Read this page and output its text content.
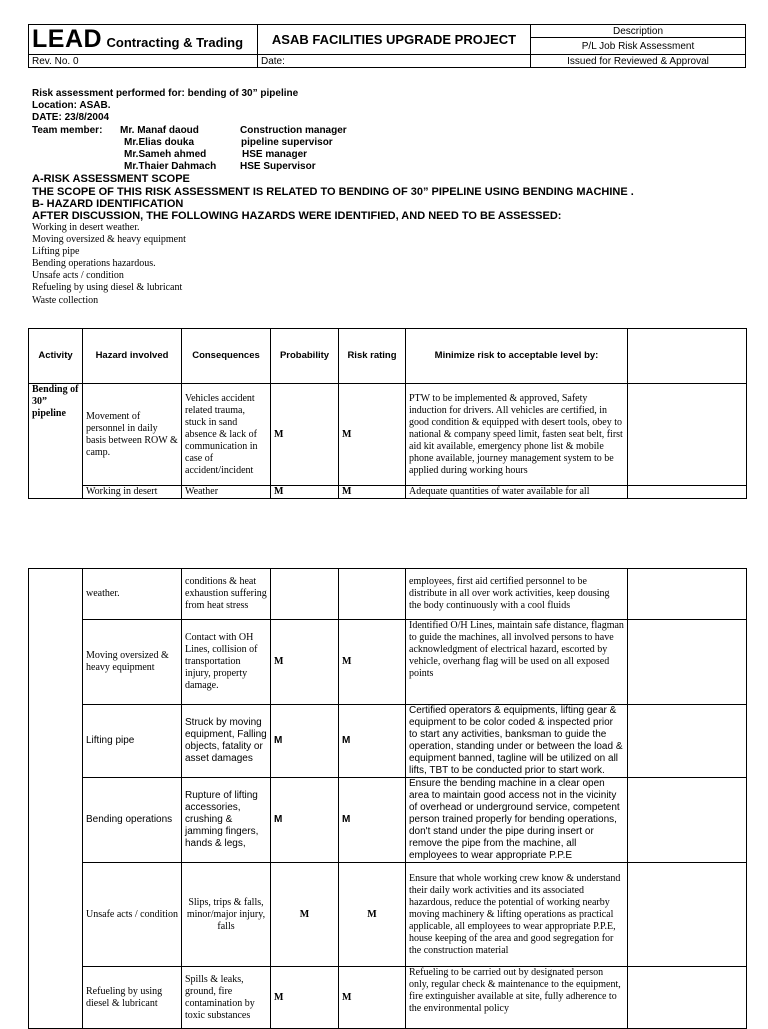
LEAD Contracting & Trading	ASAB FACILITIES UPGRADE PROJECT	Description
		P/L Job Risk Assessment
Rev. No. 0	Date:	Issued for Reviewed & Approval
Risk assessment performed for: bending of 30” pipeline
Location: ASAB.
DATE: 23/8/2004
Team member:	Mr. Manaf daoud	Construction manager
Mr.Elias douka	pipeline supervisor
Mr.Sameh ahmed	HSE manager
Mr.Thaier Dahmach	HSE Supervisor
A-RISK ASSESSMENT SCOPE
THE SCOPE OF THIS RISK ASSESSMENT IS RELATED TO BENDING OF 30” PIPELINE USING BENDING MACHINE .
B- HAZARD IDENTIFICATION
AFTER DISCUSSION, THE FOLLOWING HAZARDS WERE IDENTIFIED, AND NEED TO BE ASSESSED:
Working in desert weather.
Moving oversized & heavy equipment
Lifting pipe
Bending operations hazardous.
Unsafe acts / condition
Refueling by using diesel & lubricant
Waste collection
Activity	Hazard involved	Consequences	Probability	Risk rating	Minimize risk to acceptable level by:	
Bending of 30” pipeline	Movement of personnel in daily basis between ROW & camp.	Vehicles accident related trauma, stuck in sand absence & lack of communication in case of accident/incident	M	M	PTW to be implemented & approved, Safety induction for drivers. All vehicles are certified, in good condition & equipped with desert tools, obey to national & company speed limit, fasten seat belt, first aid kit available, emergency phone list & mobile phone available, journey management system to be applied during working hours	
	Working in desert	Weather	M	M	Adequate quantities of water available for all	
	weather.	conditions & heat exhaustion suffering from heat stress			employees, first aid certified personnel to be distribute in all over work activities, keep dousing the body continuously with a cool fluids	
	Moving oversized & heavy equipment	Contact with OH Lines, collision of transportation injury, property damage.	M	M	Identified O/H Lines, maintain safe distance, flagman to guide the machines, all involved persons to have acknowledgment of electrical hazard, escorted by vehicle, overhang flag will be used on all exposed points	
	Lifting pipe	Struck by moving equipment, Falling objects, fatality or asset damages	M	M	Certified operators & equipments, lifting gear & equipment to be color coded & inspected prior to start any activities, banksman to guide the operation, standing under or between the load & equipment banned, tagline will be utilized on all lifts, TBT to be conducted prior to start work.	
	Bending operations	Rupture of lifting accessories, crushing & jamming fingers, hands & legs,	M	M	Ensure the bending machine in a clear open area to maintain good access not in the vicinity of overhead or underground service, competent person trained properly for bending operations, don't stand under the pipe during insert or remove the pipe from the machine, all employees to wear appropriate P.P.E	
	Unsafe acts / condition	Slips, trips & falls, minor/major injury, falls	M	M	Ensure that whole working crew know & understand their daily work activities and its associated hazardous, reduce the potential of working nearby moving machinery & lifting operations as practical applicable, all employees to wear appropriate P.P.E, house keeping of the area and good segregation for the construction material	
	Refueling by using diesel & lubricant	Spills & leaks, ground, fire contamination by toxic substances	M	M	Refueling to be carried out by designated person only, regular check & maintenance to the equipment, fire extinguisher available at site, fully adherence to the environmental policy	
